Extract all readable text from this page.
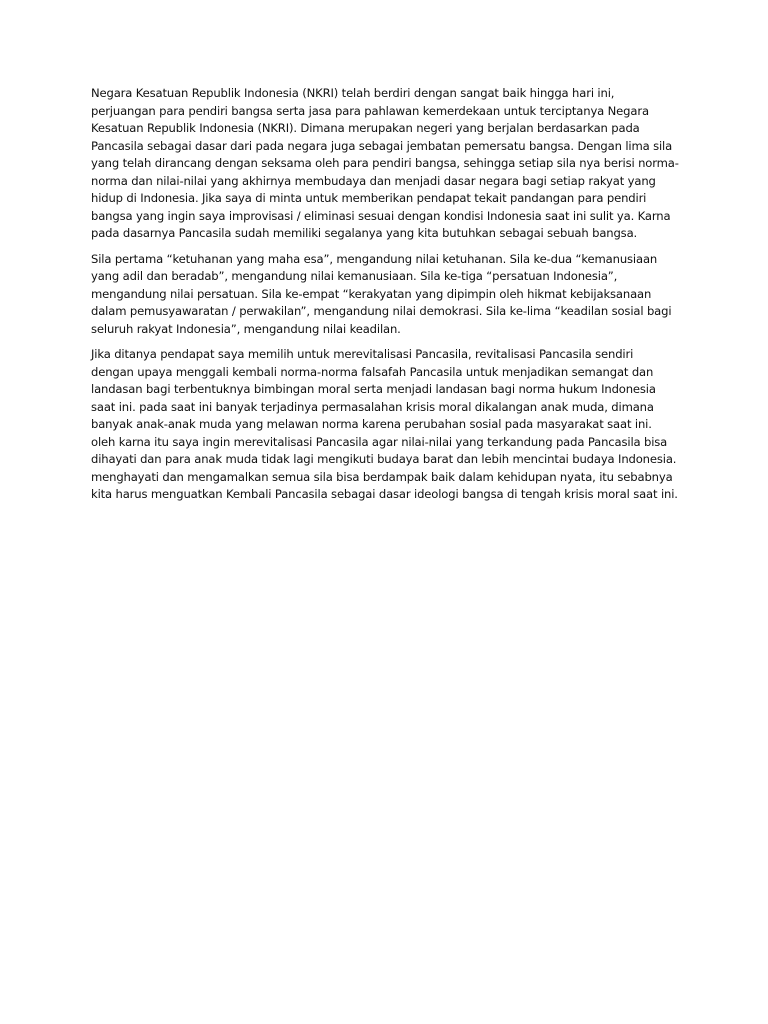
Negara Kesatuan Republik Indonesia (NKRI) telah berdiri dengan sangat baik hingga hari ini, perjuangan para pendiri bangsa serta jasa para pahlawan kemerdekaan untuk terciptanya Negara Kesatuan Republik Indonesia (NKRI). Dimana merupakan negeri yang berjalan berdasarkan pada Pancasila sebagai dasar dari pada negara juga sebagai jembatan pemersatu bangsa. Dengan lima sila yang telah dirancang dengan seksama oleh para pendiri bangsa, sehingga setiap sila nya berisi norma-norma dan nilai-nilai yang akhirnya membudaya dan menjadi dasar negara bagi setiap rakyat yang hidup di Indonesia. Jika saya di minta untuk memberikan pendapat tekait pandangan para pendiri bangsa yang ingin saya improvisasi / eliminasi sesuai dengan kondisi Indonesia saat ini sulit ya. Karna pada dasarnya Pancasila sudah memiliki segalanya yang kita butuhkan sebagai sebuah bangsa.

Sila pertama “ketuhanan yang maha esa”, mengandung nilai ketuhanan. Sila ke-dua “kemanusiaan yang adil dan beradab”, mengandung nilai kemanusiaan. Sila ke-tiga “persatuan Indonesia”, mengandung nilai persatuan. Sila ke-empat “kerakyatan yang dipimpin oleh hikmat kebijaksanaan dalam pemusyawaratan / perwakilan”, mengandung nilai demokrasi. Sila ke-lima “keadilan sosial bagi seluruh rakyat Indonesia”, mengandung nilai keadilan.

Jika ditanya pendapat saya memilih untuk merevitalisasi Pancasila, revitalisasi Pancasila sendiri dengan upaya menggali kembali norma-norma falsafah Pancasila untuk menjadikan semangat dan landasan bagi terbentuknya bimbingan moral serta menjadi landasan bagi norma hukum Indonesia saat ini. pada saat ini banyak terjadinya permasalahan krisis moral dikalangan anak muda, dimana banyak anak-anak muda yang melawan norma karena perubahan sosial pada masyarakat saat ini. oleh karna itu saya ingin merevitalisasi Pancasila agar nilai-nilai yang terkandung pada Pancasila bisa dihayati dan para anak muda tidak lagi mengikuti budaya barat dan lebih mencintai budaya Indonesia. menghayati dan mengamalkan semua sila bisa berdampak baik dalam kehidupan nyata, itu sebabnya kita harus menguatkan Kembali Pancasila sebagai dasar ideologi bangsa di tengah krisis moral saat ini.
